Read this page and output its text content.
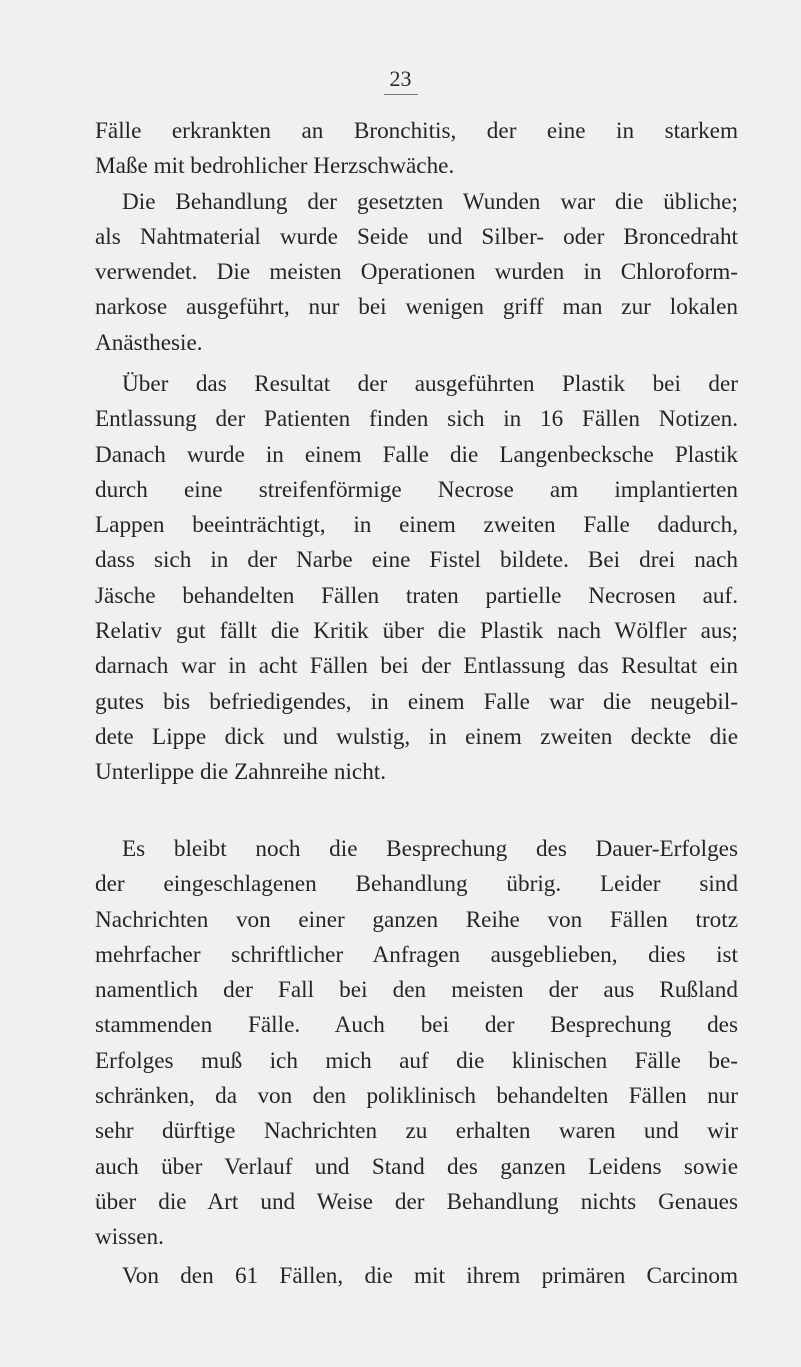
23
Fälle erkrankten an Bronchitis, der eine in starkem
Maße mit bedrohlicher Herzschwäche.
Die Behandlung der gesetzten Wunden war die übliche;
als Nahtmaterial wurde Seide und Silber- oder Broncedraht
verwendet. Die meisten Operationen wurden in Chloroform-
narkose ausgeführt, nur bei wenigen griff man zur lokalen
Anästhesie.
Über das Resultat der ausgeführten Plastik bei der
Entlassung der Patienten finden sich in 16 Fällen Notizen.
Danach wurde in einem Falle die Langenbecksche Plastik
durch eine streifenförmige Necrose am implantierten
Lappen beeinträchtigt, in einem zweiten Falle dadurch,
dass sich in der Narbe eine Fistel bildete. Bei drei nach
Jäsche behandelten Fällen traten partielle Necrosen auf.
Relativ gut fällt die Kritik über die Plastik nach Wölfler aus;
darnach war in acht Fällen bei der Entlassung das Resultat ein
gutes bis befriedigendes, in einem Falle war die neugebil-
dete Lippe dick und wulstig, in einem zweiten deckte die
Unterlippe die Zahnreihe nicht.
Es bleibt noch die Besprechung des Dauer-Erfolges
der eingeschlagenen Behandlung übrig. Leider sind
Nachrichten von einer ganzen Reihe von Fällen trotz
mehrfacher schriftlicher Anfragen ausgeblieben, dies ist
namentlich der Fall bei den meisten der aus Rußland
stammenden Fälle. Auch bei der Besprechung des
Erfolges muß ich mich auf die klinischen Fälle be-
schränken, da von den poliklinisch behandelten Fällen nur
sehr dürftige Nachrichten zu erhalten waren und wir
auch über Verlauf und Stand des ganzen Leidens sowie
über die Art und Weise der Behandlung nichts Genaues
wissen.
Von den 61 Fällen, die mit ihrem primären Carcinom
